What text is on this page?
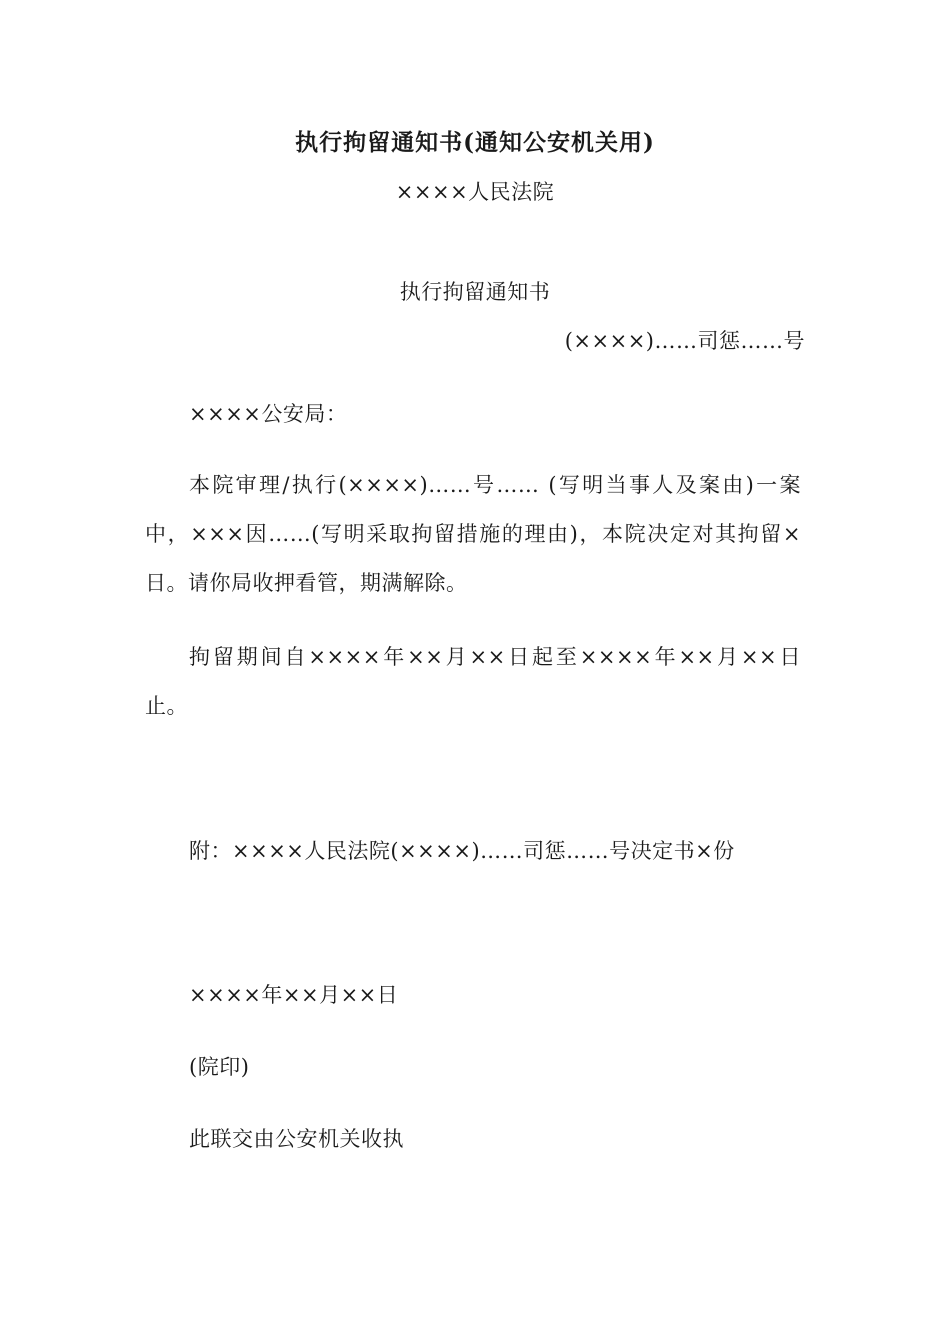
执行拘留通知书(通知公安机关用)
××××人民法院
执行拘留通知书
(××××)……司惩……号
××××公安局：
本院审理/执行(××××)……号…… (写明当事人及案由)一案中，×××因……(写明采取拘留措施的理由)，本院决定对其拘留×日。请你局收押看管，期满解除。
拘留期间自××××年××月××日起至××××年××月××日止。
附：××××人民法院(××××)……司惩……号决定书×份
××××年××月××日
(院印)
此联交由公安机关收执
